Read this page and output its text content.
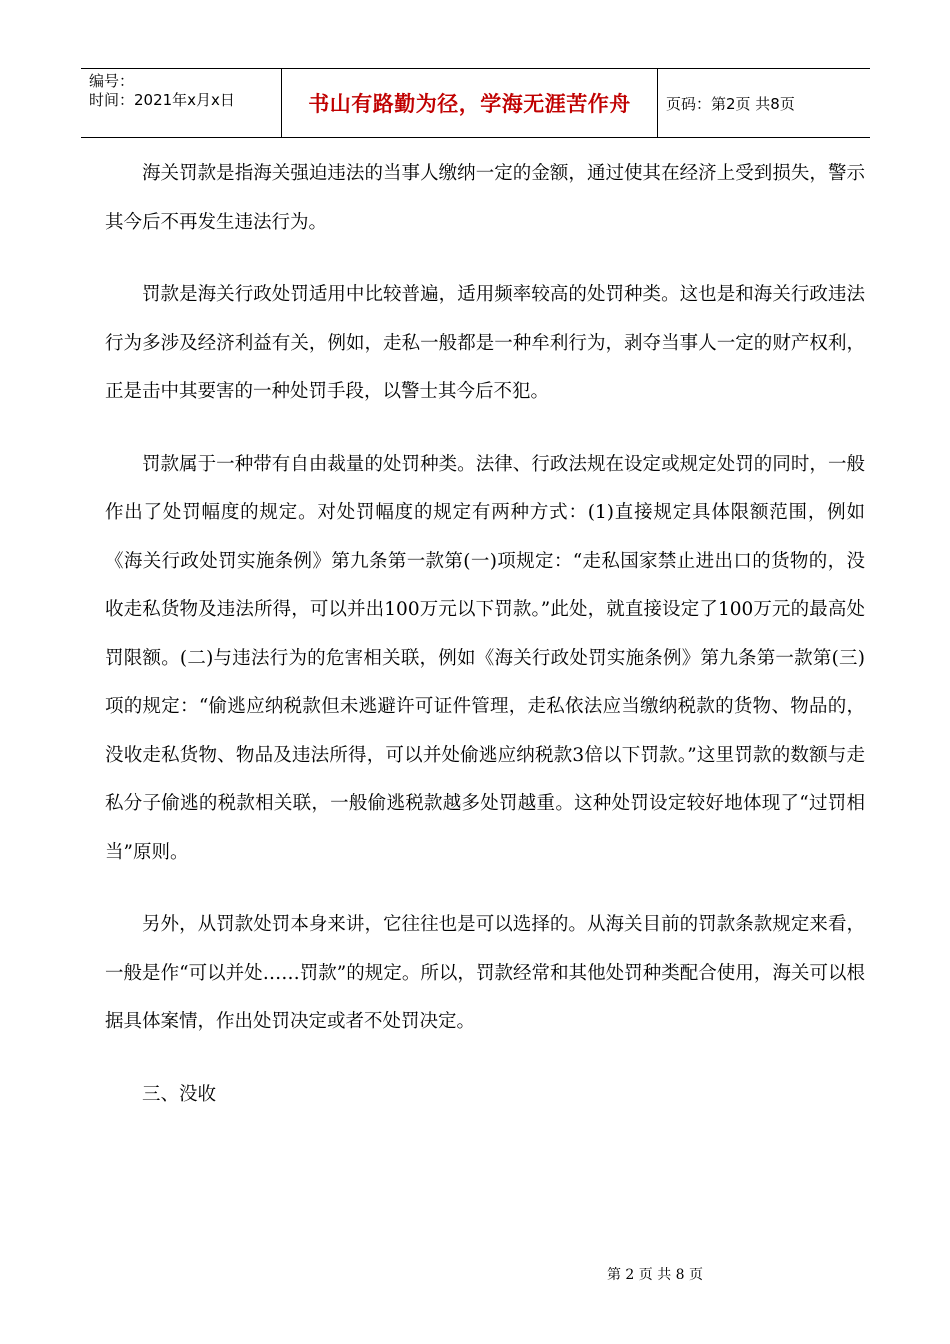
编号：
时间：2021年x月x日	书山有路勤为径，学海无涯苦作舟 页码：第2页 共8页

海关罚款是指海关强迫违法的当事人缴纳一定的金额，通过使其在经济上受到损失，警示其今后不再发生违法行为。

罚款是海关行政处罚适用中比较普遍，适用频率较高的处罚种类。这也是和海关行政违法行为多涉及经济利益有关，例如，走私一般都是一种牟利行为，剥夺当事人一定的财产权利，正是击中其要害的一种处罚手段，以警士其今后不犯。

罚款属于一种带有自由裁量的处罚种类。法律、行政法规在设定或规定处罚的同时，一般作出了处罚幅度的规定。对处罚幅度的规定有两种方式：(1)直接规定具体限额范围，例如《海关行政处罚实施条例》第九条第一款第(一)项规定：“走私国家禁止进出口的货物的，没收走私货物及违法所得，可以并出100万元以下罚款。”此处，就直接设定了100万元的最高处罚限额。(二)与违法行为的危害相关联，例如《海关行政处罚实施条例》第九条第一款第(三)项的规定：“偷逃应纳税款但未逃避许可证件管理，走私依法应当缴纳税款的货物、物品的，没收走私货物、物品及违法所得，可以并处偷逃应纳税款3倍以下罚款。”这里罚款的数额与走私分子偷逃的税款相关联，一般偷逃税款越多处罚越重。这种处罚设定较好地体现了“过罚相当”原则。

另外，从罚款处罚本身来讲，它往往也是可以选择的。从海关目前的罚款条款规定来看，一般是作“可以并处……罚款”的规定。所以，罚款经常和其他处罚种类配合使用，海关可以根据具体案情，作出处罚决定或者不处罚决定。

三、没收

第 2 页 共 8 页
